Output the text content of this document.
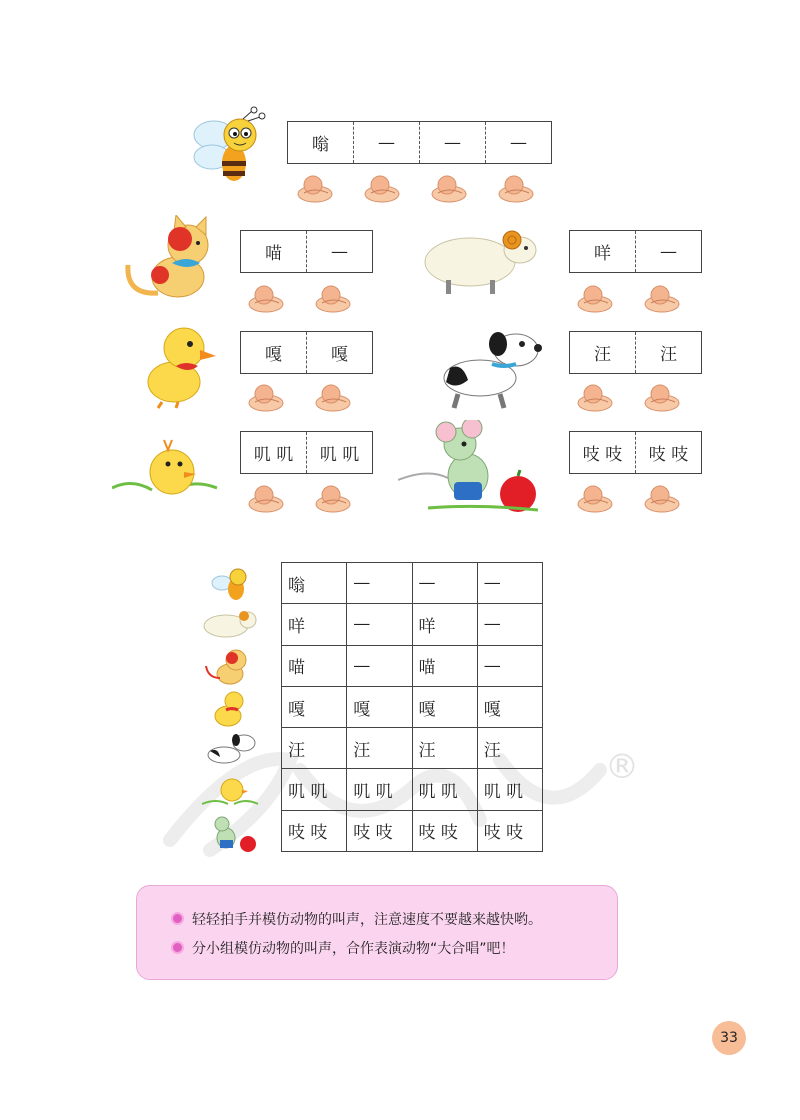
®
嗡	—	—	—
喵	—	咩	—
嘎	嘎	汪	汪
叽 叽	叽 叽	吱 吱	吱 吱
嗡	—	—	—
咩	—	咩	—
喵	—	喵	—
嘎	嘎	嘎	嘎
汪	汪	汪	汪
叽 叽	叽 叽	叽 叽	叽 叽
吱 吱	吱 吱	吱 吱	吱 吱
轻轻拍手并模仿动物的叫声，注意速度不要越来越快哟。
分小组模仿动物的叫声，合作表演动物“大合唱”吧！
33
